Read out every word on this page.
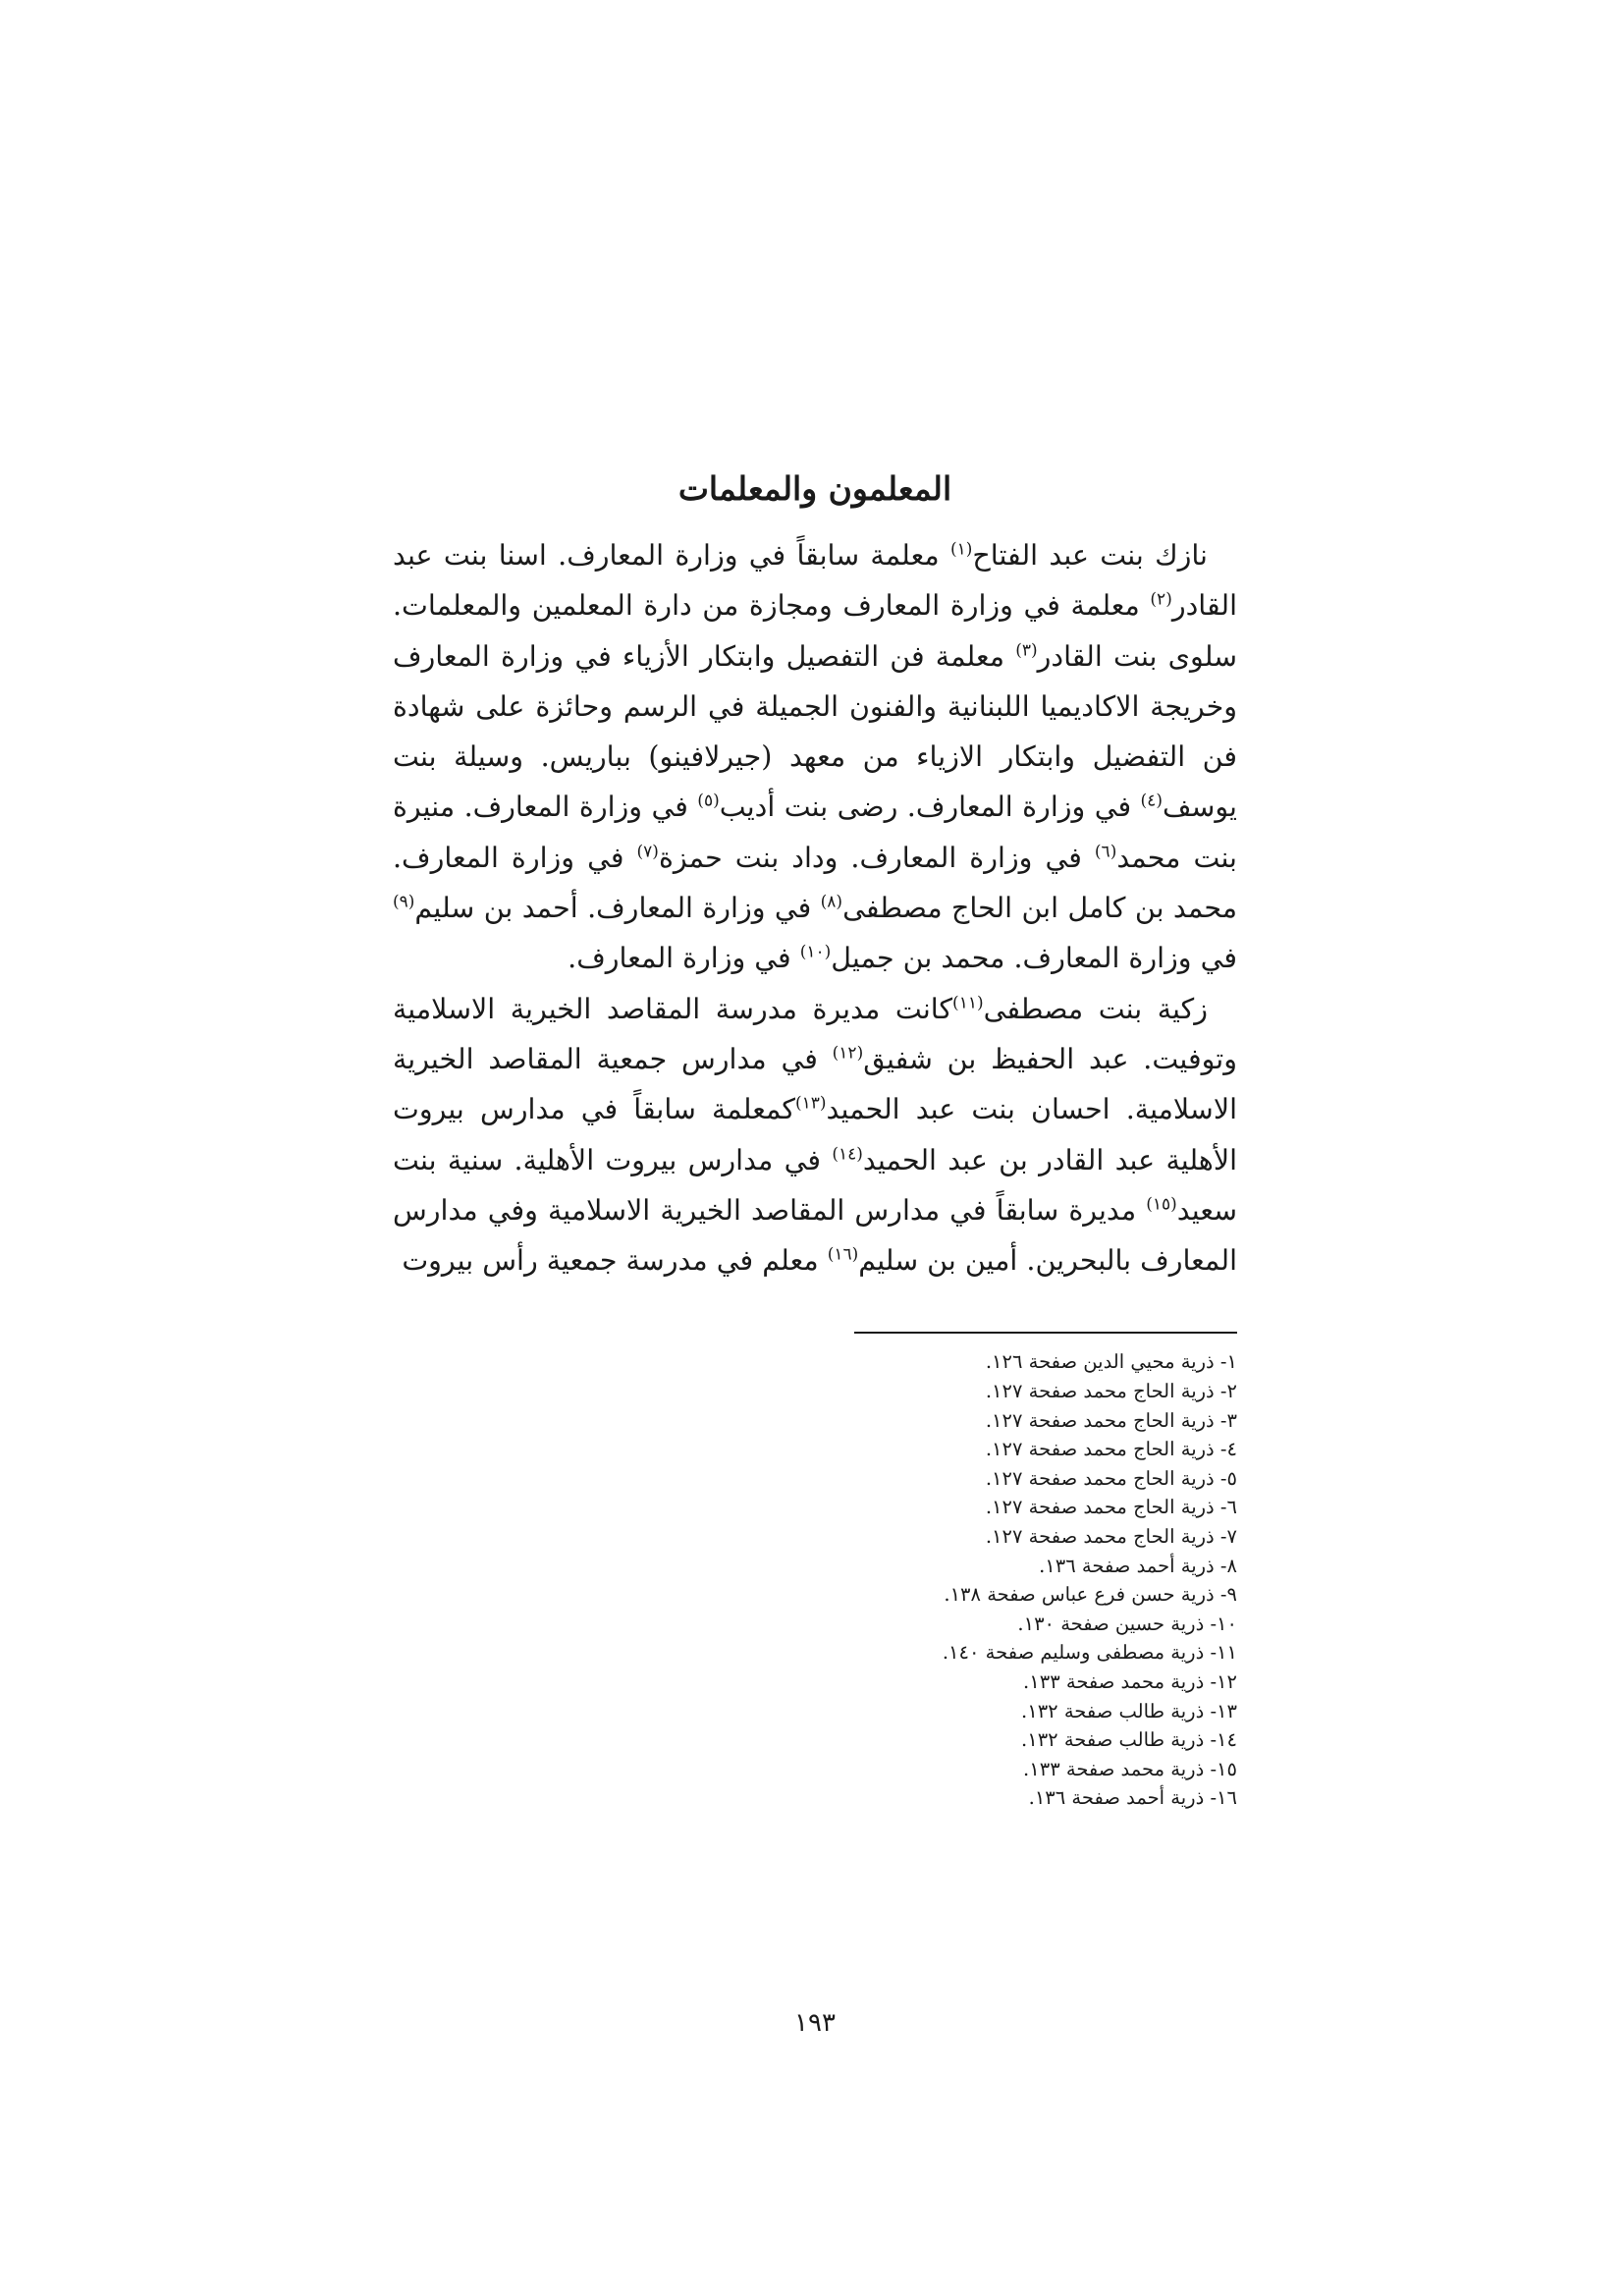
المعلمون والمعلمات

نازك بنت عبد الفتاح$^{(١)}$ معلمة سابقاً في وزارة المعارف. اسنا بنت عبد القادر$^{(٢)}$ معلمة في وزارة المعارف ومجازة من دارة المعلمين والمعلمات. سلوى بنت القادر$^{(٣)}$ معلمة فن التفصيل وابتكار الأزياء في وزارة المعارف وخريجة الاكاديميا اللبنانية والفنون الجميلة في الرسم وحائزة على شهادة فن التفضيل وابتكار الازياء من معهد (جيرلافينو) بباريس. وسيلة بنت يوسف$^{(٤)}$ في وزارة المعارف. رضى بنت أديب$^{(٥)}$ في وزارة المعارف. منيرة بنت محمد$^{(٦)}$ في وزارة المعارف. وداد بنت حمزة$^{(٧)}$ في وزارة المعارف. محمد بن كامل ابن الحاج مصطفى$^{(٨)}$ في وزارة المعارف. أحمد بن سليم$^{(٩)}$ في وزارة المعارف. محمد بن جميل$^{(١٠)}$ في وزارة المعارف.

زكية بنت مصطفى$^{(١١)}$كانت مديرة مدرسة المقاصد الخيرية الاسلامية وتوفيت. عبد الحفيظ بن شفيق$^{(١٢)}$ في مدارس جمعية المقاصد الخيرية الاسلامية. احسان بنت عبد الحميد$^{(١٣)}$كمعلمة سابقاً في مدارس بيروت الأهلية عبد القادر بن عبد الحميد$^{(١٤)}$ في مدارس بيروت الأهلية. سنية بنت سعيد$^{(١٥)}$ مديرة سابقاً في مدارس المقاصد الخيرية الاسلامية وفي مدارس المعارف بالبحرين. أمين بن سليم$^{(١٦)}$ معلم في مدرسة جمعية رأس بيروت

١- ذرية محيي الدين صفحة ١٢٦.
٢- ذرية الحاج محمد صفحة ١٢٧.
٣- ذرية الحاج محمد صفحة ١٢٧.
٤- ذرية الحاج محمد صفحة ١٢٧.
٥- ذرية الحاج محمد صفحة ١٢٧.
٦- ذرية الحاج محمد صفحة ١٢٧.
٧- ذرية الحاج محمد صفحة ١٢٧.
٨- ذرية أحمد صفحة ١٣٦.
٩- ذرية حسن فرع عباس صفحة ١٣٨.
١٠- ذرية حسين صفحة ١٣٠.
١١- ذرية مصطفى وسليم صفحة ١٤٠.
١٢- ذرية محمد صفحة ١٣٣.
١٣- ذرية طالب صفحة ١٣٢.
١٤- ذرية طالب صفحة ١٣٢.
١٥- ذرية محمد صفحة ١٣٣.
١٦- ذرية أحمد صفحة ١٣٦.
١٩٣
